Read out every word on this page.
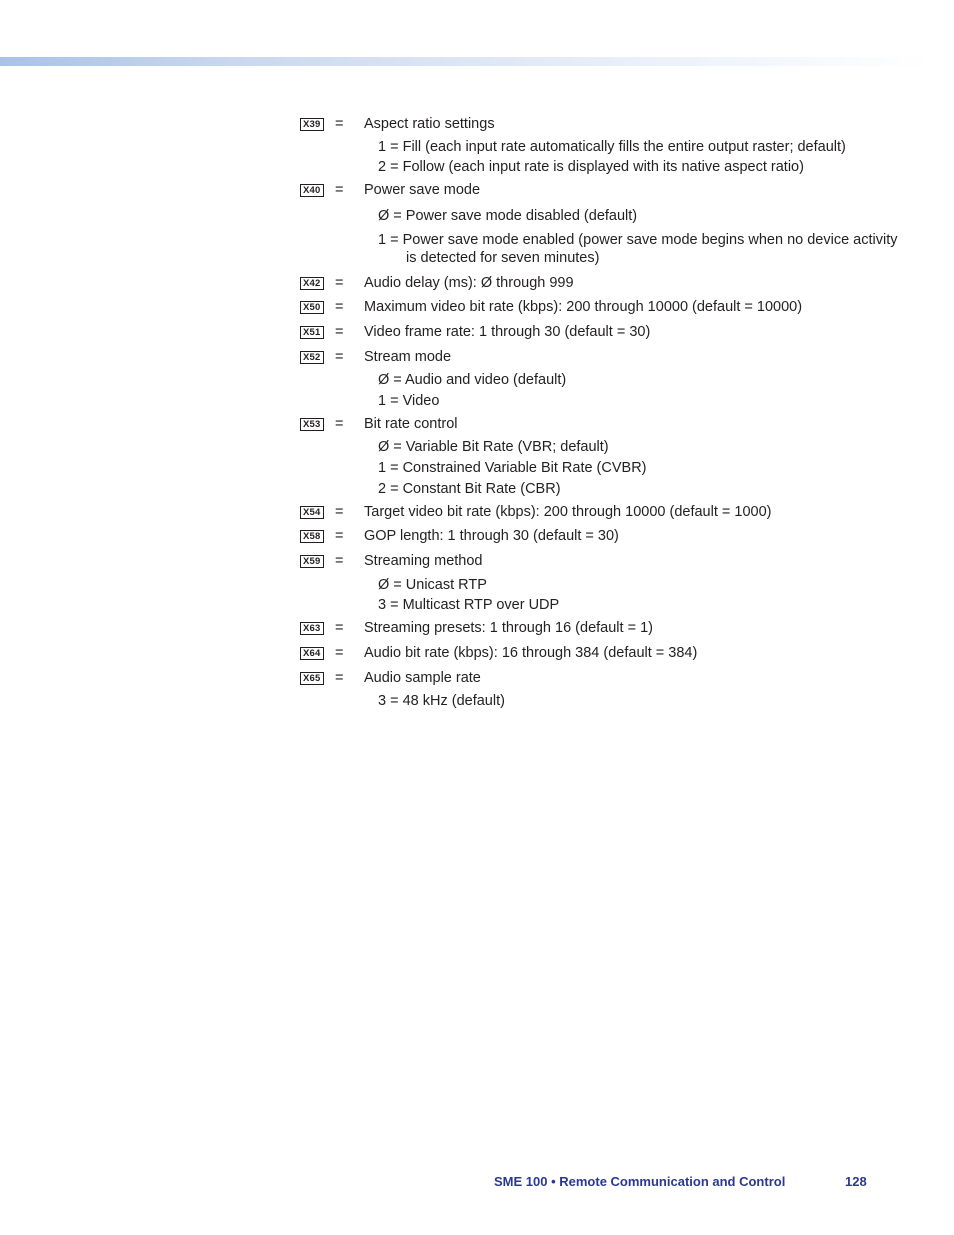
X39 = Aspect ratio settings
1 = Fill (each input rate automatically fills the entire output raster; default)
2 = Follow (each input rate is displayed with its native aspect ratio)
X40 = Power save mode
Ø = Power save mode disabled (default)
1 = Power save mode enabled (power save mode begins when no device activity is detected for seven minutes)
X42 = Audio delay (ms): Ø through 999
X50 = Maximum video bit rate (kbps): 200 through 10000 (default = 10000)
X51 = Video frame rate: 1 through 30 (default = 30)
X52 = Stream mode
Ø = Audio and video (default)
1 = Video
X53 = Bit rate control
Ø = Variable Bit Rate (VBR; default)
1 = Constrained Variable Bit Rate (CVBR)
2 = Constant Bit Rate (CBR)
X54 = Target video bit rate (kbps): 200 through 10000 (default = 1000)
X58 = GOP length: 1 through 30 (default = 30)
X59 = Streaming method
Ø = Unicast RTP
3 = Multicast RTP over UDP
X63 = Streaming presets: 1 through 16 (default = 1)
X64 = Audio bit rate (kbps): 16 through 384 (default = 384)
X65 = Audio sample rate
3 = 48 kHz (default)
SME 100 • Remote Communication and Control	128
